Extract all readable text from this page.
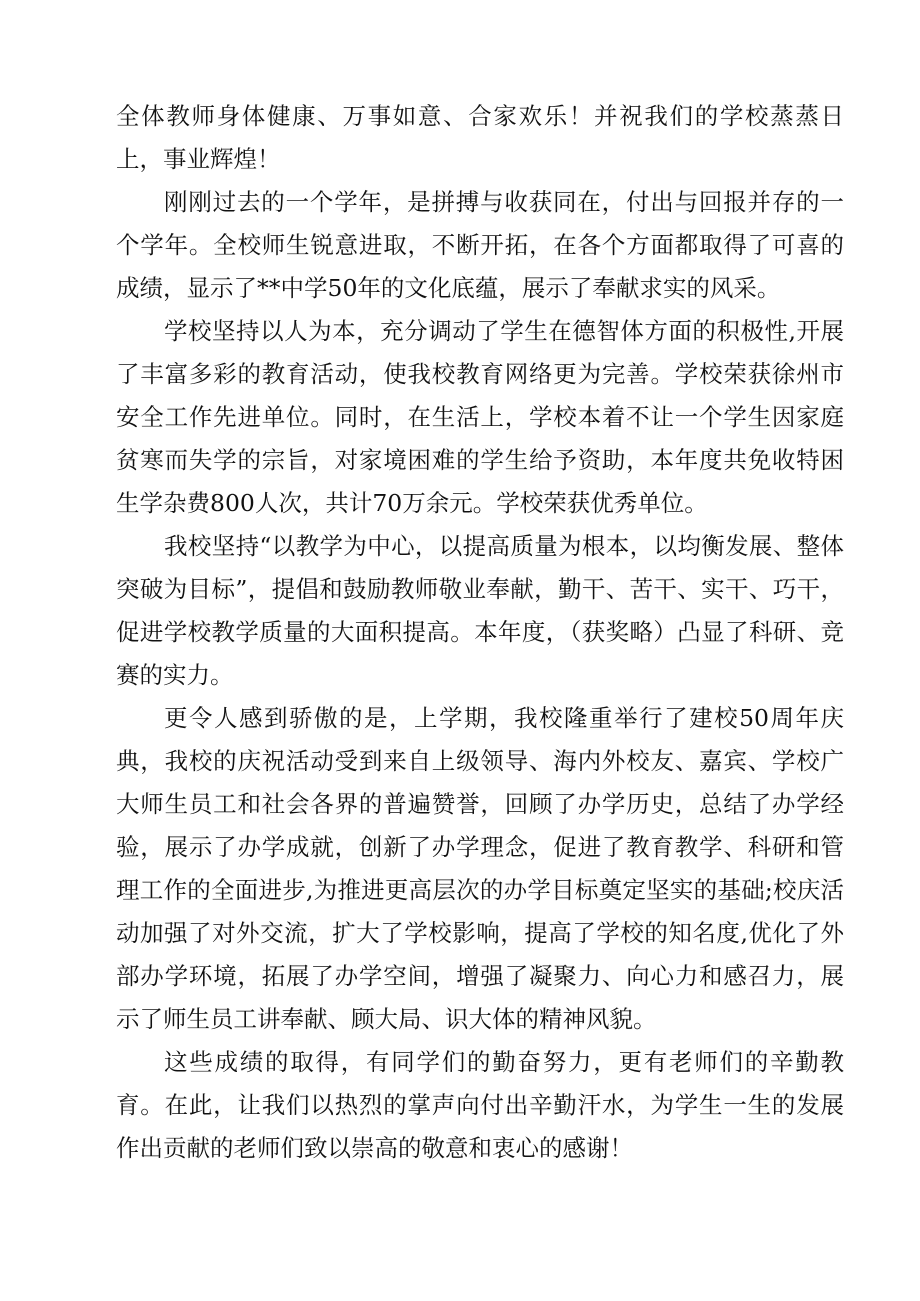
全体教师身体健康、万事如意、合家欢乐！并祝我们的学校蒸蒸日上，事业辉煌！

刚刚过去的一个学年，是拼搏与收获同在，付出与回报并存的一个学年。全校师生锐意进取，不断开拓，在各个方面都取得了可喜的成绩，显示了**中学50年的文化底蕴，展示了奉献求实的风采。

学校坚持以人为本，充分调动了学生在德智体方面的积极性,开展了丰富多彩的教育活动，使我校教育网络更为完善。学校荣获徐州市安全工作先进单位。同时，在生活上，学校本着不让一个学生因家庭贫寒而失学的宗旨，对家境困难的学生给予资助，本年度共免收特困生学杂费800人次，共计70万余元。学校荣获优秀单位。

我校坚持“以教学为中心，以提高质量为根本，以均衡发展、整体突破为目标”，提倡和鼓励教师敬业奉献，勤干、苦干、实干、巧干，促进学校教学质量的大面积提高。本年度，（获奖略）凸显了科研、竞赛的实力。

更令人感到骄傲的是，上学期，我校隆重举行了建校50周年庆典，我校的庆祝活动受到来自上级领导、海内外校友、嘉宾、学校广大师生员工和社会各界的普遍赞誉，回顾了办学历史，总结了办学经验，展示了办学成就，创新了办学理念，促进了教育教学、科研和管理工作的全面进步,为推进更高层次的办学目标奠定坚实的基础;校庆活动加强了对外交流，扩大了学校影响，提高了学校的知名度,优化了外部办学环境，拓展了办学空间，增强了凝聚力、向心力和感召力，展示了师生员工讲奉献、顾大局、识大体的精神风貌。

这些成绩的取得，有同学们的勤奋努力，更有老师们的辛勤教育。在此，让我们以热烈的掌声向付出辛勤汗水，为学生一生的发展作出贡献的老师们致以崇高的敬意和衷心的感谢！
